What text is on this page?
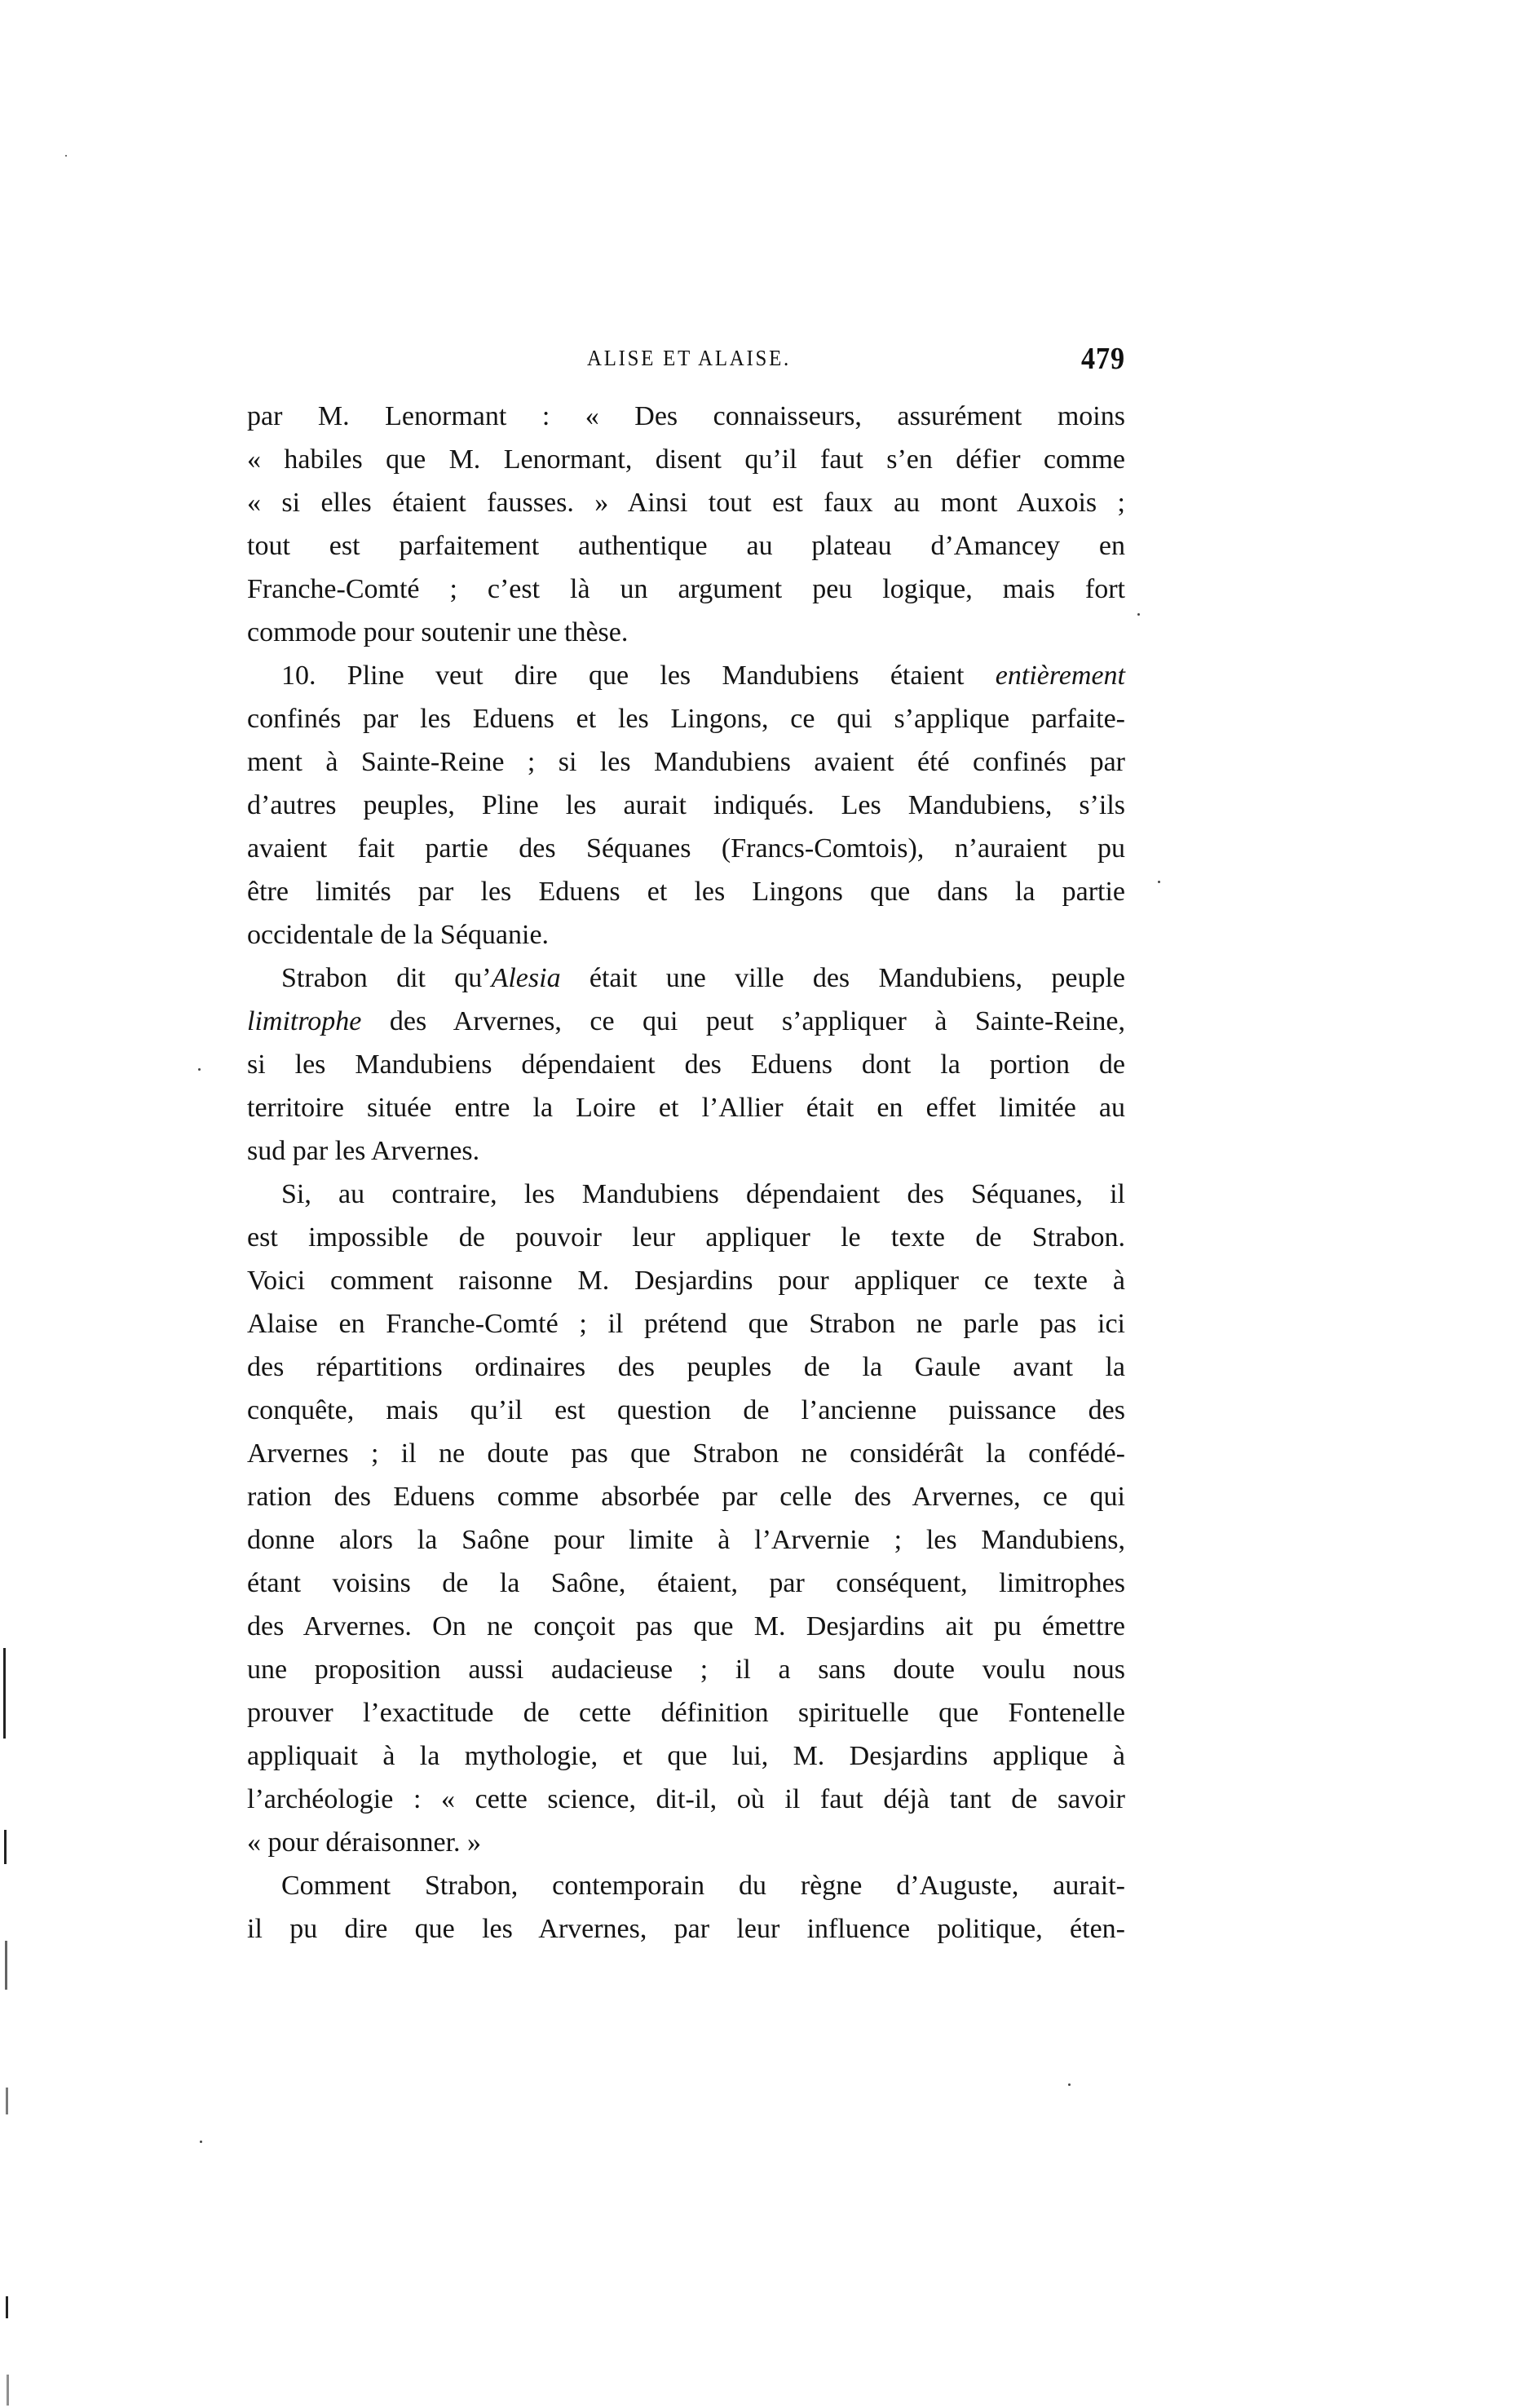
ALISE ET ALAISE.	479
par M. Lenormant : « Des connaisseurs, assurément moins
« habiles que M. Lenormant, disent qu’il faut s’en défier comme
« si elles étaient fausses. » Ainsi tout est faux au mont Auxois ;
tout est parfaitement authentique au plateau d’Amancey en
Franche-Comté ; c’est là un argument peu logique, mais fort
commode pour soutenir une thèse.
10. Pline veut dire que les Mandubiens étaient entièrement
confinés par les Eduens et les Lingons, ce qui s’applique parfaite-
ment à Sainte-Reine ; si les Mandubiens avaient été confinés par
d’autres peuples, Pline les aurait indiqués. Les Mandubiens, s’ils
avaient fait partie des Séquanes (Francs-Comtois), n’auraient pu
être limités par les Eduens et les Lingons que dans la partie
occidentale de la Séquanie.
Strabon dit qu’Alesia était une ville des Mandubiens, peuple
limitrophe des Arvernes, ce qui peut s’appliquer à Sainte-Reine,
si les Mandubiens dépendaient des Eduens dont la portion de
territoire située entre la Loire et l’Allier était en effet limitée au
sud par les Arvernes.
Si, au contraire, les Mandubiens dépendaient des Séquanes, il
est impossible de pouvoir leur appliquer le texte de Strabon.
Voici comment raisonne M. Desjardins pour appliquer ce texte à
Alaise en Franche-Comté ; il prétend que Strabon ne parle pas ici
des répartitions ordinaires des peuples de la Gaule avant la
conquête, mais qu’il est question de l’ancienne puissance des
Arvernes ; il ne doute pas que Strabon ne considérât la confédé-
ration des Eduens comme absorbée par celle des Arvernes, ce qui
donne alors la Saône pour limite à l’Arvernie ; les Mandubiens,
étant voisins de la Saône, étaient, par conséquent, limitrophes
des Arvernes. On ne conçoit pas que M. Desjardins ait pu émettre
une proposition aussi audacieuse ; il a sans doute voulu nous
prouver l’exactitude de cette définition spirituelle que Fontenelle
appliquait à la mythologie, et que lui, M. Desjardins applique à
l’archéologie : « cette science, dit-il, où il faut déjà tant de savoir
« pour déraisonner. »
Comment Strabon, contemporain du règne d’Auguste, aurait-
il pu dire que les Arvernes, par leur influence politique, éten-
